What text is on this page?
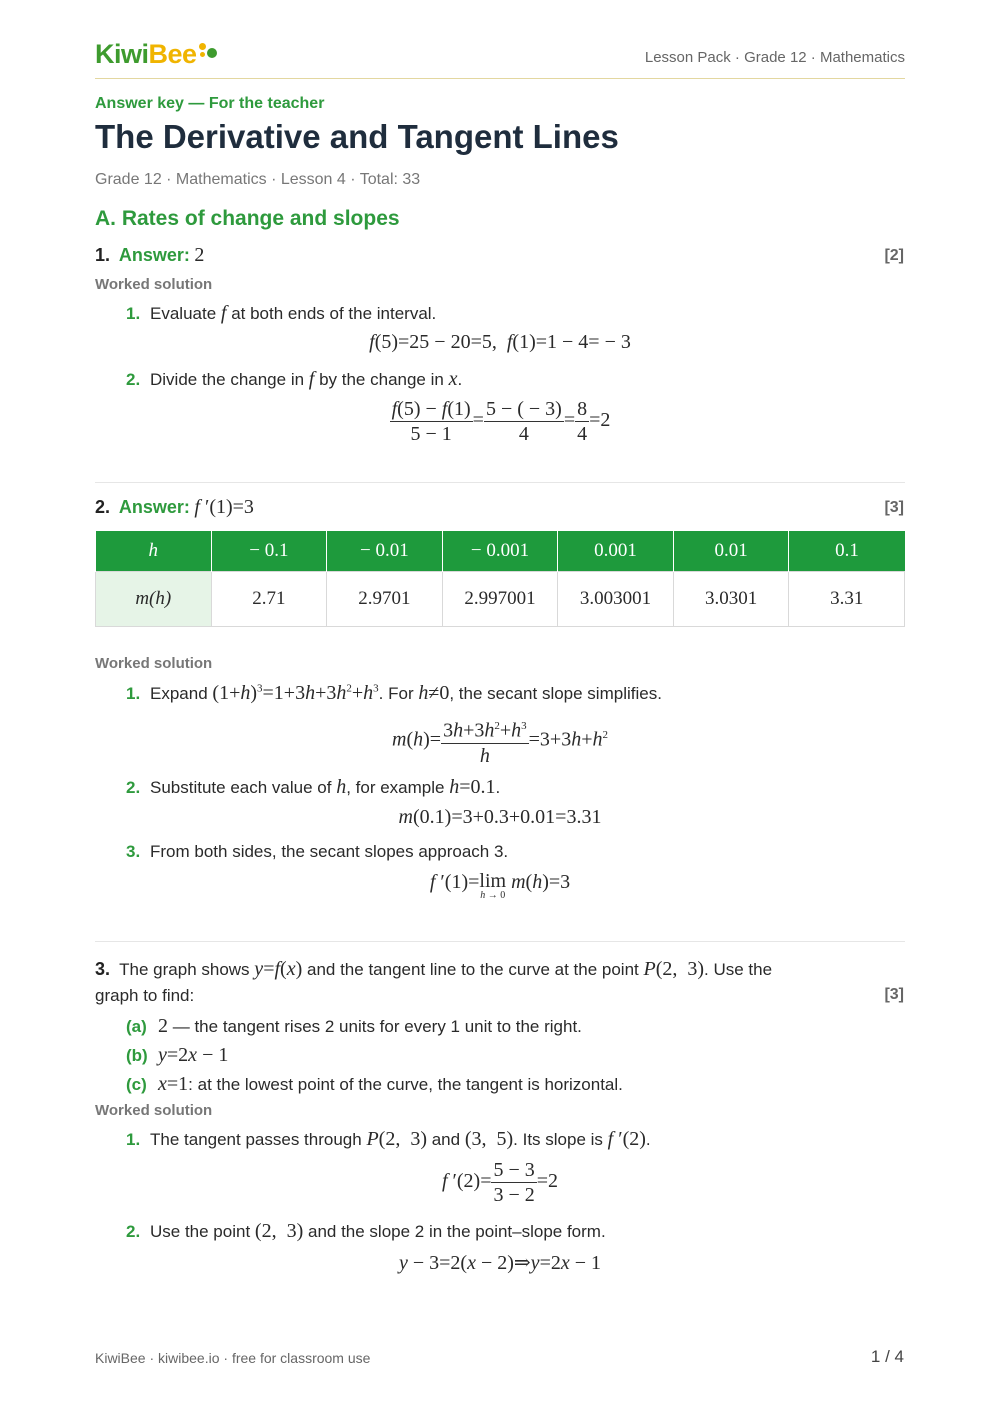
KiwiBee	Lesson Pack · Grade 12 · Mathematics
Answer key — For the teacher
The Derivative and Tangent Lines
Grade 12 · Mathematics · Lesson 4 · Total: 33
A. Rates of change and slopes
1. Answer: 2	[2]
Worked solution
1. Evaluate f at both ends of the interval.
f(5)=25 − 20=5,  f(1)=1 − 4= − 3
2. Divide the change in f by the change in x.
$\frac{f(5) - f(1)}{5 - 1} = \frac{5 - ( - 3)}{4} = \frac{8}{4} =2$
2. Answer: f ′(1)=3	[3]
h	− 0.1	− 0.01	− 0.001	0.001	0.01	0.1
m(h)	2.71	2.9701	2.997001	3.003001	3.0301	3.31
Worked solution
1. Expand $(1+h)^3=1+3h+3h^2+h^3$. For h≠0, the secant slope simplifies.
$m(h)= \frac{3h+3h^2+h^3}{h} =3+3h+h^2$
2. Substitute each value of h, for example h=0.1.
m(0.1)=3+0.3+0.01=3.31
3. From both sides, the secant slopes approach 3.
f ′(1)=lim

h → 0
m(h)=3
3. The graph shows y=f(x) and the tangent line to the curve at the point P(2,  3). Use the
graph to find:	[3]
(a) 2 — the tangent rises 2 units for every 1 unit to the right.
(b) y=2x − 1
(c) x=1: at the lowest point of the curve, the tangent is horizontal.
Worked solution
1. The tangent passes through P(2,  3) and (3,  5). Its slope is f ′(2).
f $'(2)= \frac{5 - 3}{3 - 2} =2$
2. Use the point (2,  3) and the slope 2 in the point–slope form.
y − 3=2(x − 2)⇒y=2x − 1
KiwiBee · kiwibee.io · free for classroom use	1 / 4
